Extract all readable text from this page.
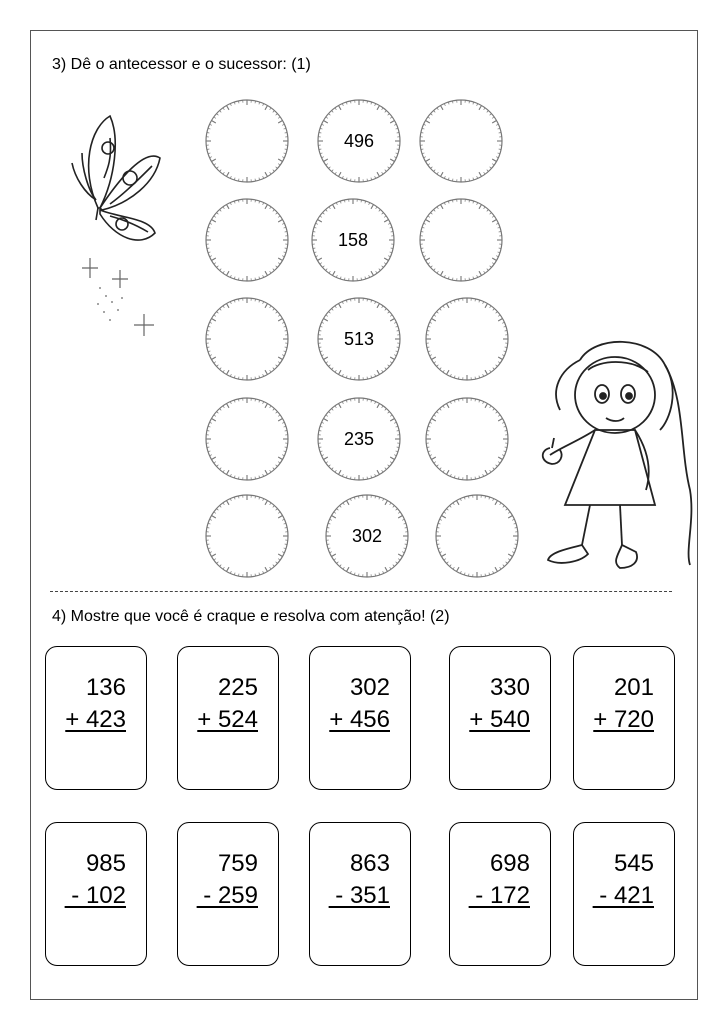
3) Dê o antecessor e o sucessor: (1)
496
158
513
235
302
4) Mostre que você é craque e resolva com atenção! (2)
136
+ 423
225
+ 524
302
+ 456
330
+ 540
201
+ 720
985
- 102
759
- 259
863
- 351
698
- 172
545
- 421
